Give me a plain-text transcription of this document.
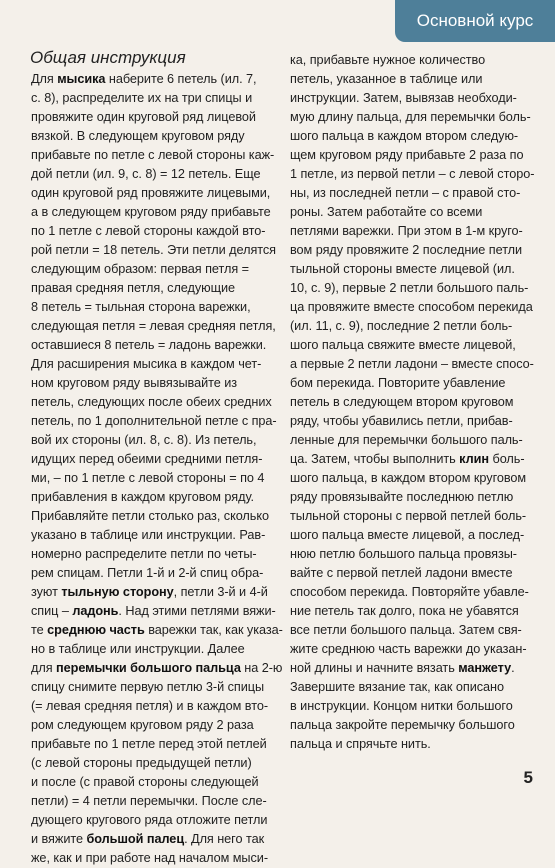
Основной курс
Общая инструкция
Для мысика наберите 6 петель (ил. 7,
с. 8), распределите их на три спицы и
провяжите один круговой ряд лицевой
вязкой. В следующем круговом ряду
прибавьте по петле с левой стороны каж-
дой петли (ил. 9, с. 8) = 12 петель. Еще
один круговой ряд провяжите лицевыми,
а в следующем круговом ряду прибавьте
по 1 петле с левой стороны каждой вто-
рой петли = 18 петель. Эти петли делятся
следующим образом: первая петля =
правая средняя петля, следующие
8 петель = тыльная сторона варежки,
следующая петля = левая средняя петля,
оставшиеся 8 петель = ладонь варежки.
Для расширения мысика в каждом чет-
ном круговом ряду вывязывайте из
петель, следующих после обеих средних
петель, по 1 дополнительной петле с пра-
вой их стороны (ил. 8, с. 8). Из петель,
идущих перед обеими средними петля-
ми, – по 1 петле с левой стороны = по 4
прибавления в каждом круговом ряду.
Прибавляйте петли столько раз, сколько
указано в таблице или инструкции. Рав-
номерно распределите петли по четы-
рем спицам. Петли 1-й и 2-й спиц обра-
зуют тыльную сторону, петли 3-й и 4-й
спиц – ладонь. Над этими петлями вяжи-
те среднюю часть варежки так, как указа-
но в таблице или инструкции. Далее
для перемычки большого пальца на 2-ю
спицу снимите первую петлю 3-й спицы
(= левая средняя петля) и в каждом вто-
ром следующем круговом ряду 2 раза
прибавьте по 1 петле перед этой петлей
(с левой стороны предыдущей петли)
и после (с правой стороны следующей
петли) = 4 петли перемычки. После сле-
дующего кругового ряда отложите петли
и вяжите большой палец. Для него так
же, как и при работе над началом мыси-
ка, прибавьте нужное количество
петель, указанное в таблице или
инструкции. Затем, вывязав необходи-
мую длину пальца, для перемычки боль-
шого пальца в каждом втором следую-
щем круговом ряду прибавьте 2 раза по
1 петле, из первой петли – с левой сторо-
ны, из последней петли – с правой сто-
роны. Затем работайте со всеми
петлями варежки. При этом в 1-м круго-
вом ряду провяжите 2 последние петли
тыльной стороны вместе лицевой (ил.
10, с. 9), первые 2 петли большого паль-
ца провяжите вместе способом перекида
(ил. 11, с. 9), последние 2 петли боль-
шого пальца свяжите вместе лицевой,
а первые 2 петли ладони – вместе спосо-
бом перекида. Повторите убавление
петель в следующем втором круговом
ряду, чтобы убавились петли, прибав-
ленные для перемычки большого паль-
ца. Затем, чтобы выполнить клин боль-
шого пальца, в каждом втором круговом
ряду провязывайте последнюю петлю
тыльной стороны с первой петлей боль-
шого пальца вместе лицевой, а послед-
нюю петлю большого пальца провязы-
вайте с первой петлей ладони вместе
способом перекида. Повторяйте убавле-
ние петель так долго, пока не убавятся
все петли большого пальца. Затем свя-
жите среднюю часть варежки до указан-
ной длины и начните вязать манжету.
Завершите вязание так, как описано
в инструкции. Концом нитки большого
пальца закройте перемычку большого
пальца и спрячьте нить.
5
